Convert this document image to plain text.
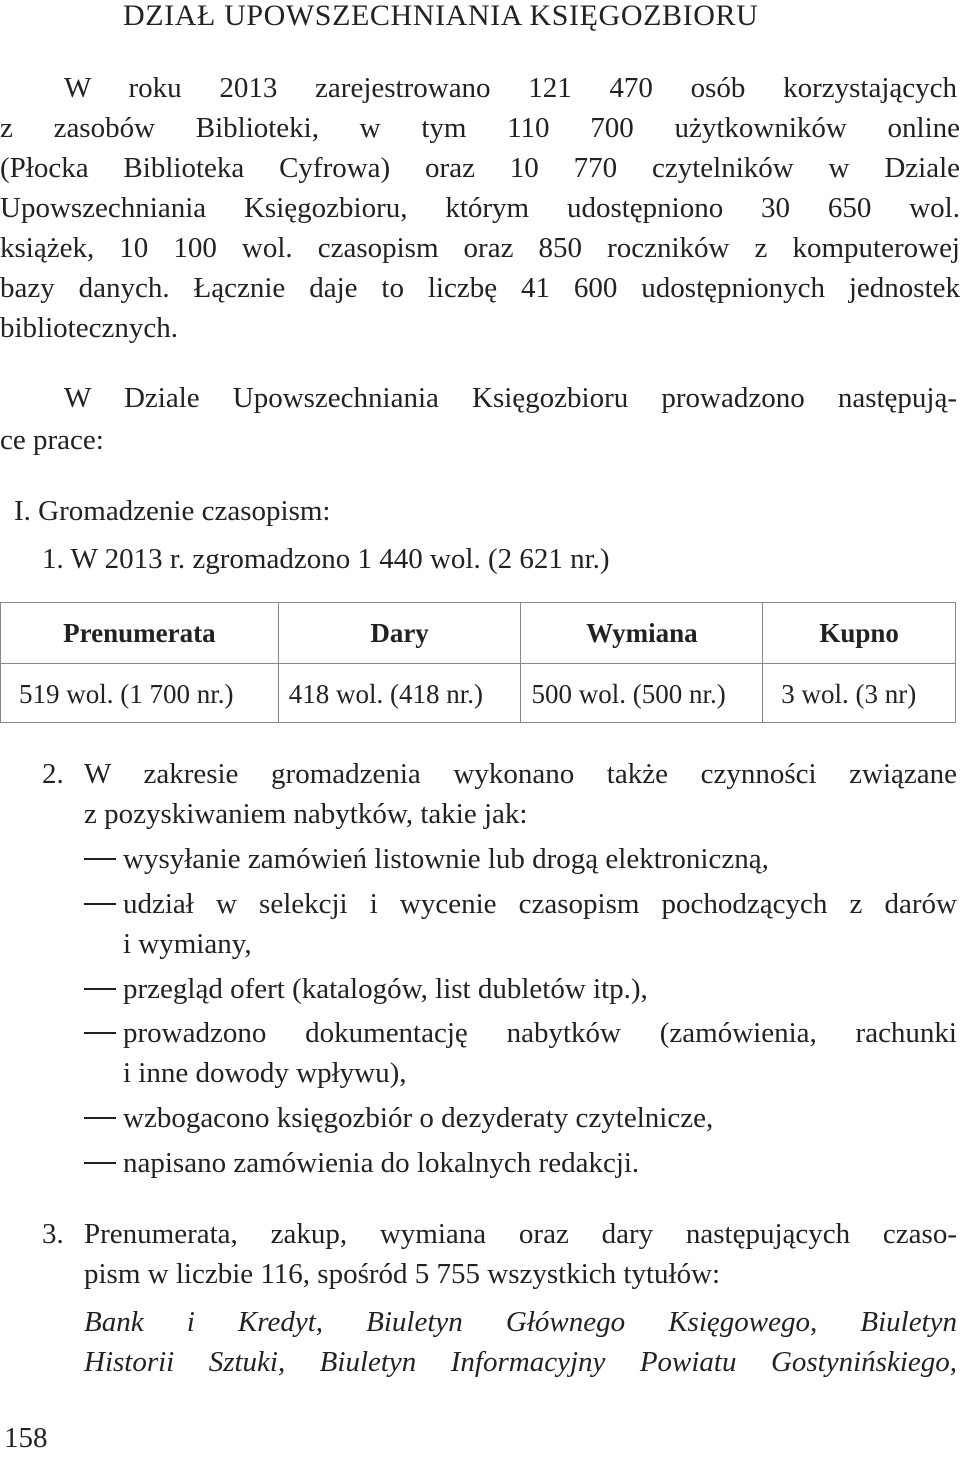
DZIAŁ UPOWSZECHNIANIA KSIĘGOZBIORU
W roku 2013 zarejestrowano 121 470 osób korzystających
z zasobów Biblioteki, w tym 110 700 użytkowników online
(Płocka Biblioteka Cyfrowa) oraz 10 770 czytelników w Dziale
Upowszechniania Księgozbioru, którym udostępniono 30 650 wol.
książek, 10 100 wol. czasopism oraz 850 roczników z komputerowej
bazy danych. Łącznie daje to liczbę 41 600 udostępnionych jednostek
bibliotecznych.
W Dziale Upowszechniania Księgozbioru prowadzono następują-
ce prace:
I. Gromadzenie czasopism:
1. W 2013 r. zgromadzono 1 440 wol. (2 621 nr.)
Prenumerata	Dary	Wymiana	Kupno
519 wol. (1 700 nr.)	418 wol. (418 nr.)	500 wol. (500 nr.)	3 wol. (3 nr)
2. W zakresie gromadzenia wykonano także czynności związane
z pozyskiwaniem nabytków, takie jak:
wysyłanie zamówień listownie lub drogą elektroniczną,
udział w selekcji i wycenie czasopism pochodzących z darów
i wymiany,
przegląd ofert (katalogów, list dubletów itp.),
prowadzono dokumentację nabytków (zamówienia, rachunki
i inne dowody wpływu),
wzbogacono księgozbiór o dezyderaty czytelnicze,
napisano zamówienia do lokalnych redakcji.
3. Prenumerata, zakup, wymiana oraz dary następujących czaso-
pism w liczbie 116, spośród 5 755 wszystkich tytułów:
Bank i Kredyt, Biuletyn Głównego Księgowego, Biuletyn
Historii Sztuki, Biuletyn Informacyjny Powiatu Gostynińskiego,
158
